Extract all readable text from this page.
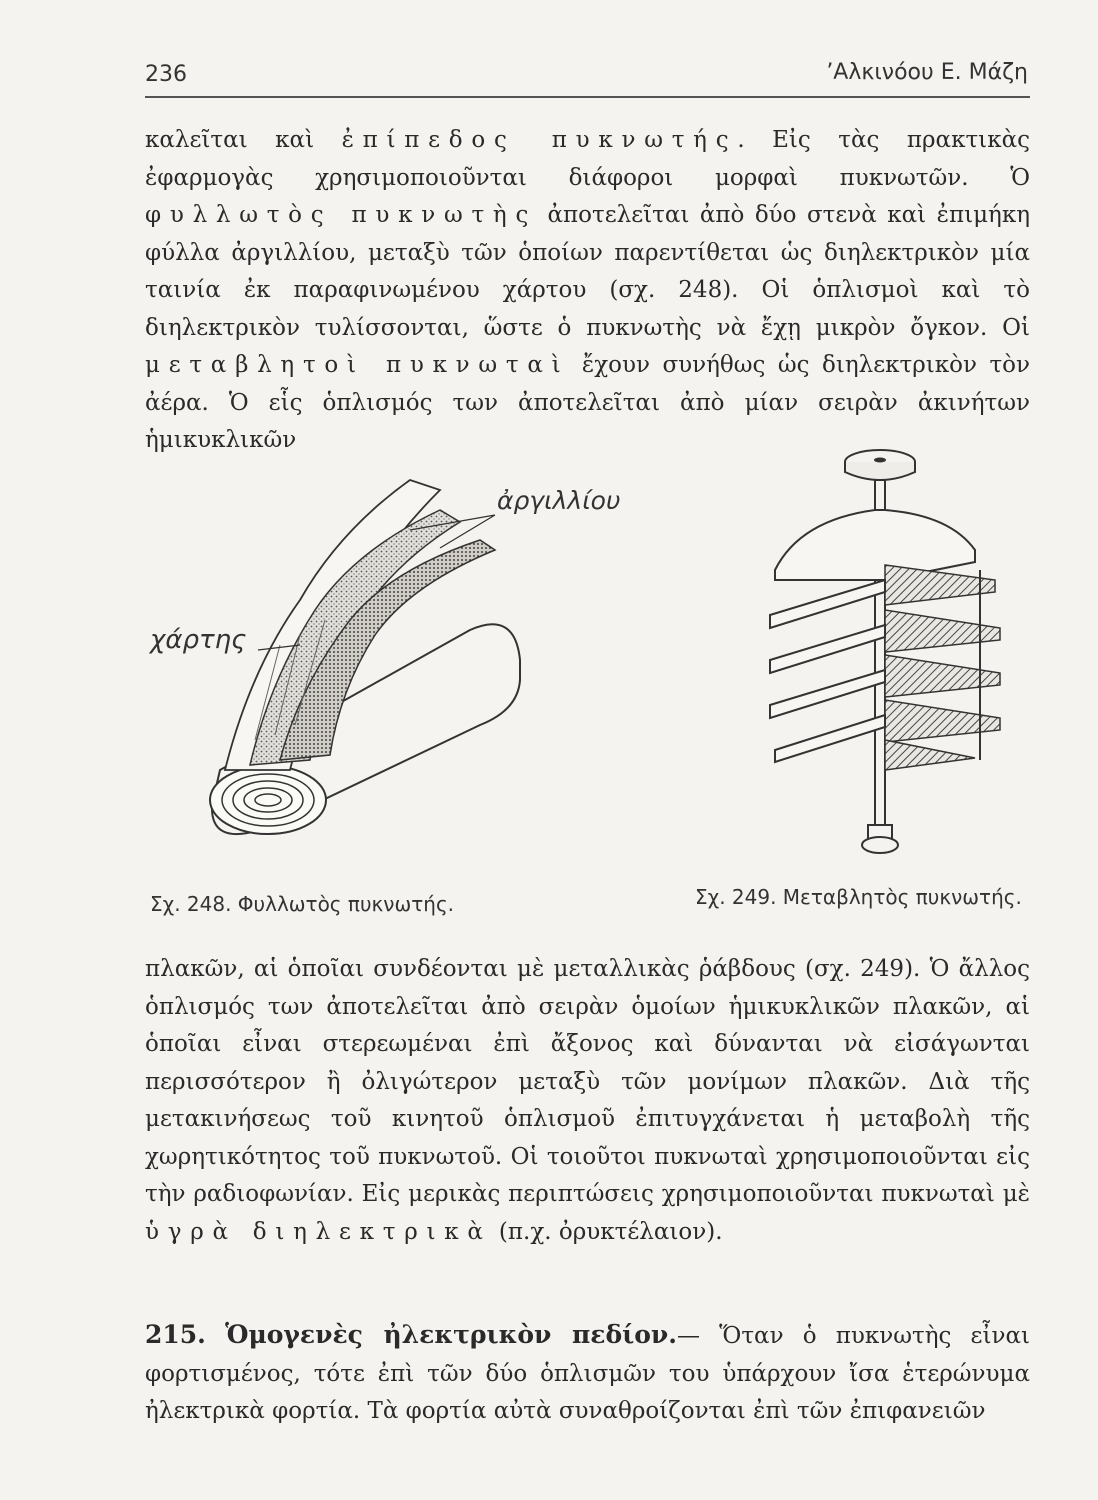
236	’Αλκινόου Ε. Μάζη

καλεῖται καὶ ἐπίπεδος πυκνωτής. Εἰς τὰς πρακτικὰς ἐφαρμογὰς χρησιμοποιοῦνται διάφοροι μορφαὶ πυκνωτῶν. Ὁ φυλλωτὸς πυκνωτὴς ἀποτελεῖται ἀπὸ δύο στενὰ καὶ ἐπιμήκη φύλλα ἀργιλλίου, μεταξὺ τῶν ὁποίων παρεντίθεται ὡς διηλεκτρικὸν μία ταινία ἐκ παραφινωμένου χάρτου (σχ. 248). Οἱ ὁπλισμοὶ καὶ τὸ διηλεκτρικὸν τυλίσσονται, ὥστε ὁ πυκνωτὴς νὰ ἔχῃ μικρὸν ὄγκον. Οἱ μεταβλητοὶ πυκνωταὶ ἔχουν συνήθως ὡς διηλεκτρικὸν τὸν ἀέρα. Ὁ εἷς ὁπλισμός των ἀποτελεῖται ἀπὸ μίαν σειρὰν ἀκινήτων ἡμικυκλικῶν

ἀργιλλίου
χάρτης
Σχ. 248. Φυλλωτὸς πυκνωτής.	Σχ. 249. Μεταβλητὸς πυκνωτής.

πλακῶν, αἱ ὁποῖαι συνδέονται μὲ μεταλλικὰς ῥάβδους (σχ. 249). Ὁ ἄλλος ὁπλισμός των ἀποτελεῖται ἀπὸ σειρὰν ὁμοίων ἡμικυκλικῶν πλακῶν, αἱ ὁποῖαι εἶναι στερεωμέναι ἐπὶ ἄξονος καὶ δύνανται νὰ εἰσάγωνται περισσότερον ἢ ὀλιγώτερον μεταξὺ τῶν μονίμων πλακῶν. Διὰ τῆς μετακινήσεως τοῦ κινητοῦ ὁπλισμοῦ ἐπιτυγχάνεται ἡ μεταβολὴ τῆς χωρητικότητος τοῦ πυκνωτοῦ. Οἱ τοιοῦτοι πυκνωταὶ χρησιμοποιοῦνται εἰς τὴν ραδιοφωνίαν. Εἰς μερικὰς περιπτώσεις χρησιμοποιοῦνται πυκνωταὶ μὲ ὑγρὰ διηλεκτρικὰ (π.χ. ὀρυκτέλαιον).

215. Ὁμογενὲς ἠλεκτρικὸν πεδίον.— Ὅταν ὁ πυκνωτὴς εἶναι φορτισμένος, τότε ἐπὶ τῶν δύο ὁπλισμῶν του ὑπάρχουν ἴσα ἑτερώνυμα ἠλεκτρικὰ φορτία. Τὰ φορτία αὐτὰ συναθροίζονται ἐπὶ τῶν ἐπιφανειῶν
